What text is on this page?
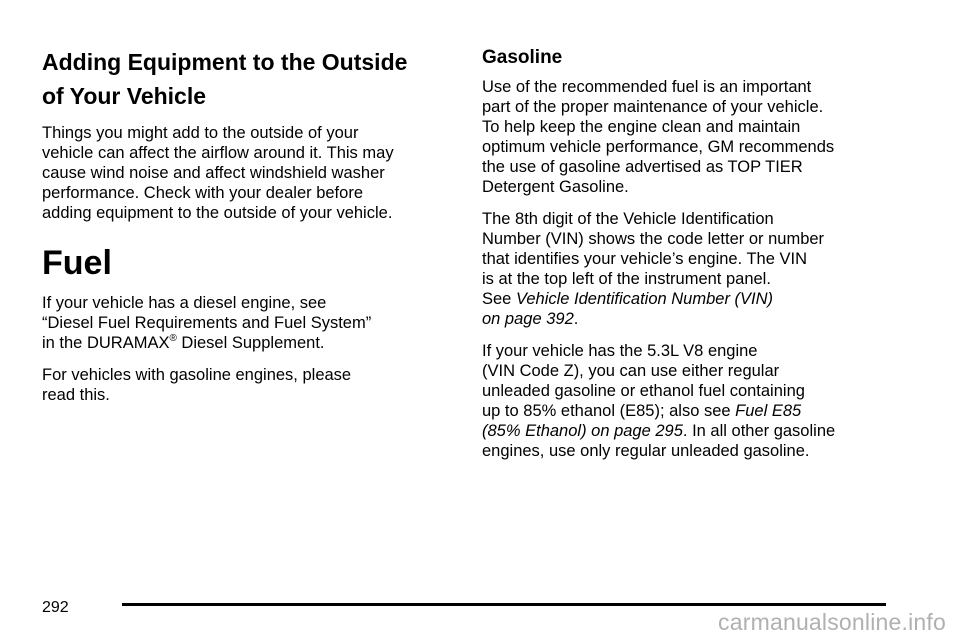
Adding Equipment to the Outside
of Your Vehicle

Things you might add to the outside of your
vehicle can affect the airflow around it. This may
cause wind noise and affect windshield washer
performance. Check with your dealer before
adding equipment to the outside of your vehicle.

Fuel

If your vehicle has a diesel engine, see
“Diesel Fuel Requirements and Fuel System”
in the DURAMAX® Diesel Supplement.

For vehicles with gasoline engines, please
read this.

Gasoline

Use of the recommended fuel is an important
part of the proper maintenance of your vehicle.
To help keep the engine clean and maintain
optimum vehicle performance, GM recommends
the use of gasoline advertised as TOP TIER
Detergent Gasoline.

The 8th digit of the Vehicle Identification
Number (VIN) shows the code letter or number
that identifies your vehicle’s engine. The VIN
is at the top left of the instrument panel.
See Vehicle Identification Number (VIN)
on page 392.

If your vehicle has the 5.3L V8 engine
(VIN Code Z), you can use either regular
unleaded gasoline or ethanol fuel containing
up to 85% ethanol (E85); also see Fuel E85
(85% Ethanol) on page 295. In all other gasoline
engines, use only regular unleaded gasoline.

292
carmanualsonline.info
